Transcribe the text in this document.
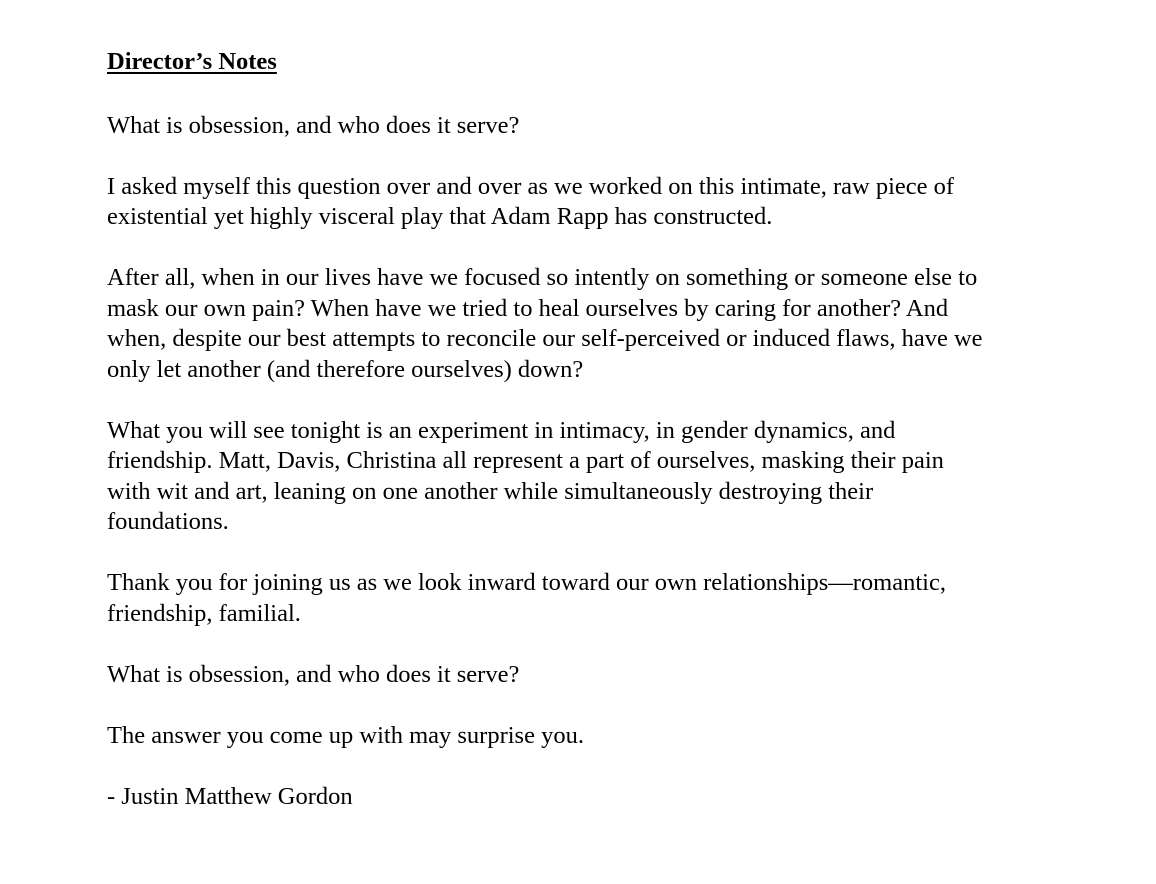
Director’s Notes

What is obsession, and who does it serve?

I asked myself this question over and over as we worked on this intimate, raw piece of
existential yet highly visceral play that Adam Rapp has constructed.

After all, when in our lives have we focused so intently on something or someone else to
mask our own pain? When have we tried to heal ourselves by caring for another? And
when, despite our best attempts to reconcile our self-perceived or induced flaws, have we
only let another (and therefore ourselves) down?

What you will see tonight is an experiment in intimacy, in gender dynamics, and
friendship. Matt, Davis, Christina all represent a part of ourselves, masking their pain
with wit and art, leaning on one another while simultaneously destroying their
foundations.

Thank you for joining us as we look inward toward our own relationships—romantic,
friendship, familial.

What is obsession, and who does it serve?

The answer you come up with may surprise you.

- Justin Matthew Gordon
